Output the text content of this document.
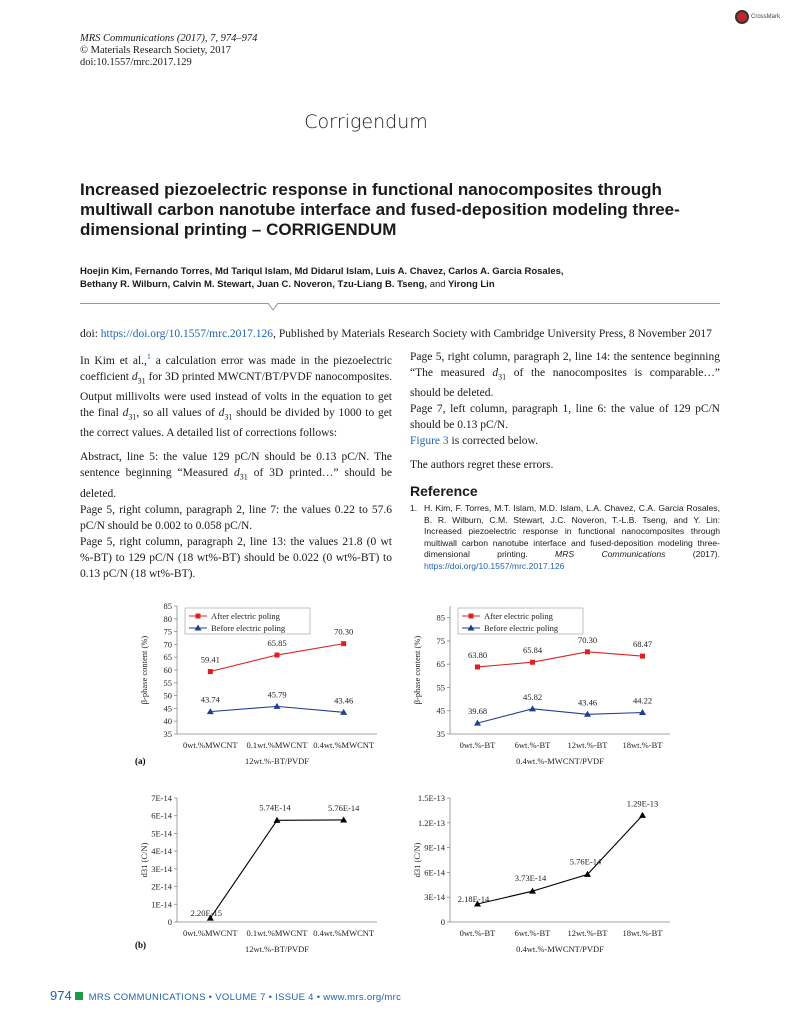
MRS Communications (2017), 7, 974–974
© Materials Research Society, 2017
doi:10.1557/mrc.2017.129
CrossMark
Corrigendum
Increased piezoelectric response in functional nanocomposites through multiwall carbon nanotube interface and fused-deposition modeling three-dimensional printing – CORRIGENDUM
Hoejin Kim, Fernando Torres, Md Tariqul Islam, Md Didarul Islam, Luis A. Chavez, Carlos A. Garcia Rosales,
Bethany R. Wilburn, Calvin M. Stewart, Juan C. Noveron, Tzu-Liang B. Tseng, and Yirong Lin
doi: https://doi.org/10.1557/mrc.2017.126, Published by Materials Research Society with Cambridge University Press, 8 November 2017

In Kim et al.,$^1$ a calculation error was made in the piezoelectric coefficient $d_{31}$ for 3D printed MWCNT/BT/PVDF nanocomposites. Output millivolts were used instead of volts in the equation to get the final $d_{31}$, so all values of $d_{31}$ should be divided by 1000 to get the correct values. A detailed list of corrections follows:

Abstract, line 5: the value 129 pC/N should be 0.13 pC/N. The sentence beginning “Measured $d_{31}$ of 3D printed…” should be deleted.

Page 5, right column, paragraph 2, line 7: the values 0.22 to 57.6 pC/N should be 0.002 to 0.058 pC/N.

Page 5, right column, paragraph 2, line 13: the values 21.8 (0 wt %-BT) to 129 pC/N (18 wt%-BT) should be 0.022 (0 wt%-BT) to 0.13 pC/N (18 wt%-BT).

Page 5, right column, paragraph 2, line 14: the sentence beginning “The measured $d_{31}$ of the nanocomposites is comparable…” should be deleted.

Page 7, left column, paragraph 1, line 6: the value of 129 pC/N should be 0.13 pC/N.

Figure 3 is corrected below.

The authors regret these errors.

Reference
1. H. Kim, F. Torres, M.T. Islam, M.D. Islam, L.A. Chavez, C.A. Garcia Rosales, B. R. Wilburn, C.M. Stewart, J.C. Noveron, T.-L.B. Tseng, and Y. Lin: Increased piezoelectric response in functional nanocomposites through multiwall carbon nanotube interface and fused-deposition modeling three-dimensional printing. MRS Communications (2017). https://doi.org/10.1557/mrc.2017.126
(a)
(b)
35
40
45
50
55
60
65
70
75
80
85
0wt.%MWCNT 0.1wt.%MWCNT 0.4wt.%MWCNT
12wt.%-BT/PVDF
β-phase content (%)	59.41
65.85
70.30
43.74
45.79
43.46
After electric poling
Before electric poling
35
45
55
65
75
85
0wt.%-BT 6wt.%-BT 12wt.%-BT 18wt.%-BT
0.4wt.%-MWCNT/PVDF
β-phase content (%)	63.80	65.84
70.30	68.47
39.68
45.82
43.46	44.22
After electric poling
Before electric poling
0
1E-14
2E-14
3E-14
4E-14
5E-14
6E-14
7E-14
0wt.%MWCNT 0.1wt.%MWCNT 0.4wt.%MWCNT
12wt.%-BT/PVDF
d31 (C/N)
2.20E-15
5.74E-14	5.76E-14
0
3E-14
6E-14
9E-14
1.2E-13
1.5E-13
0wt.%-BT 6wt.%-BT 12wt.%-BT 18wt.%-BT
0.4wt.%-MWCNT/PVDF
d31 (C/N)
2.18E-14
3.73E-14
5.76E-14
1.29E-13
974 MRS COMMUNICATIONS • VOLUME 7 • ISSUE 4 • www.mrs.org/mrc
